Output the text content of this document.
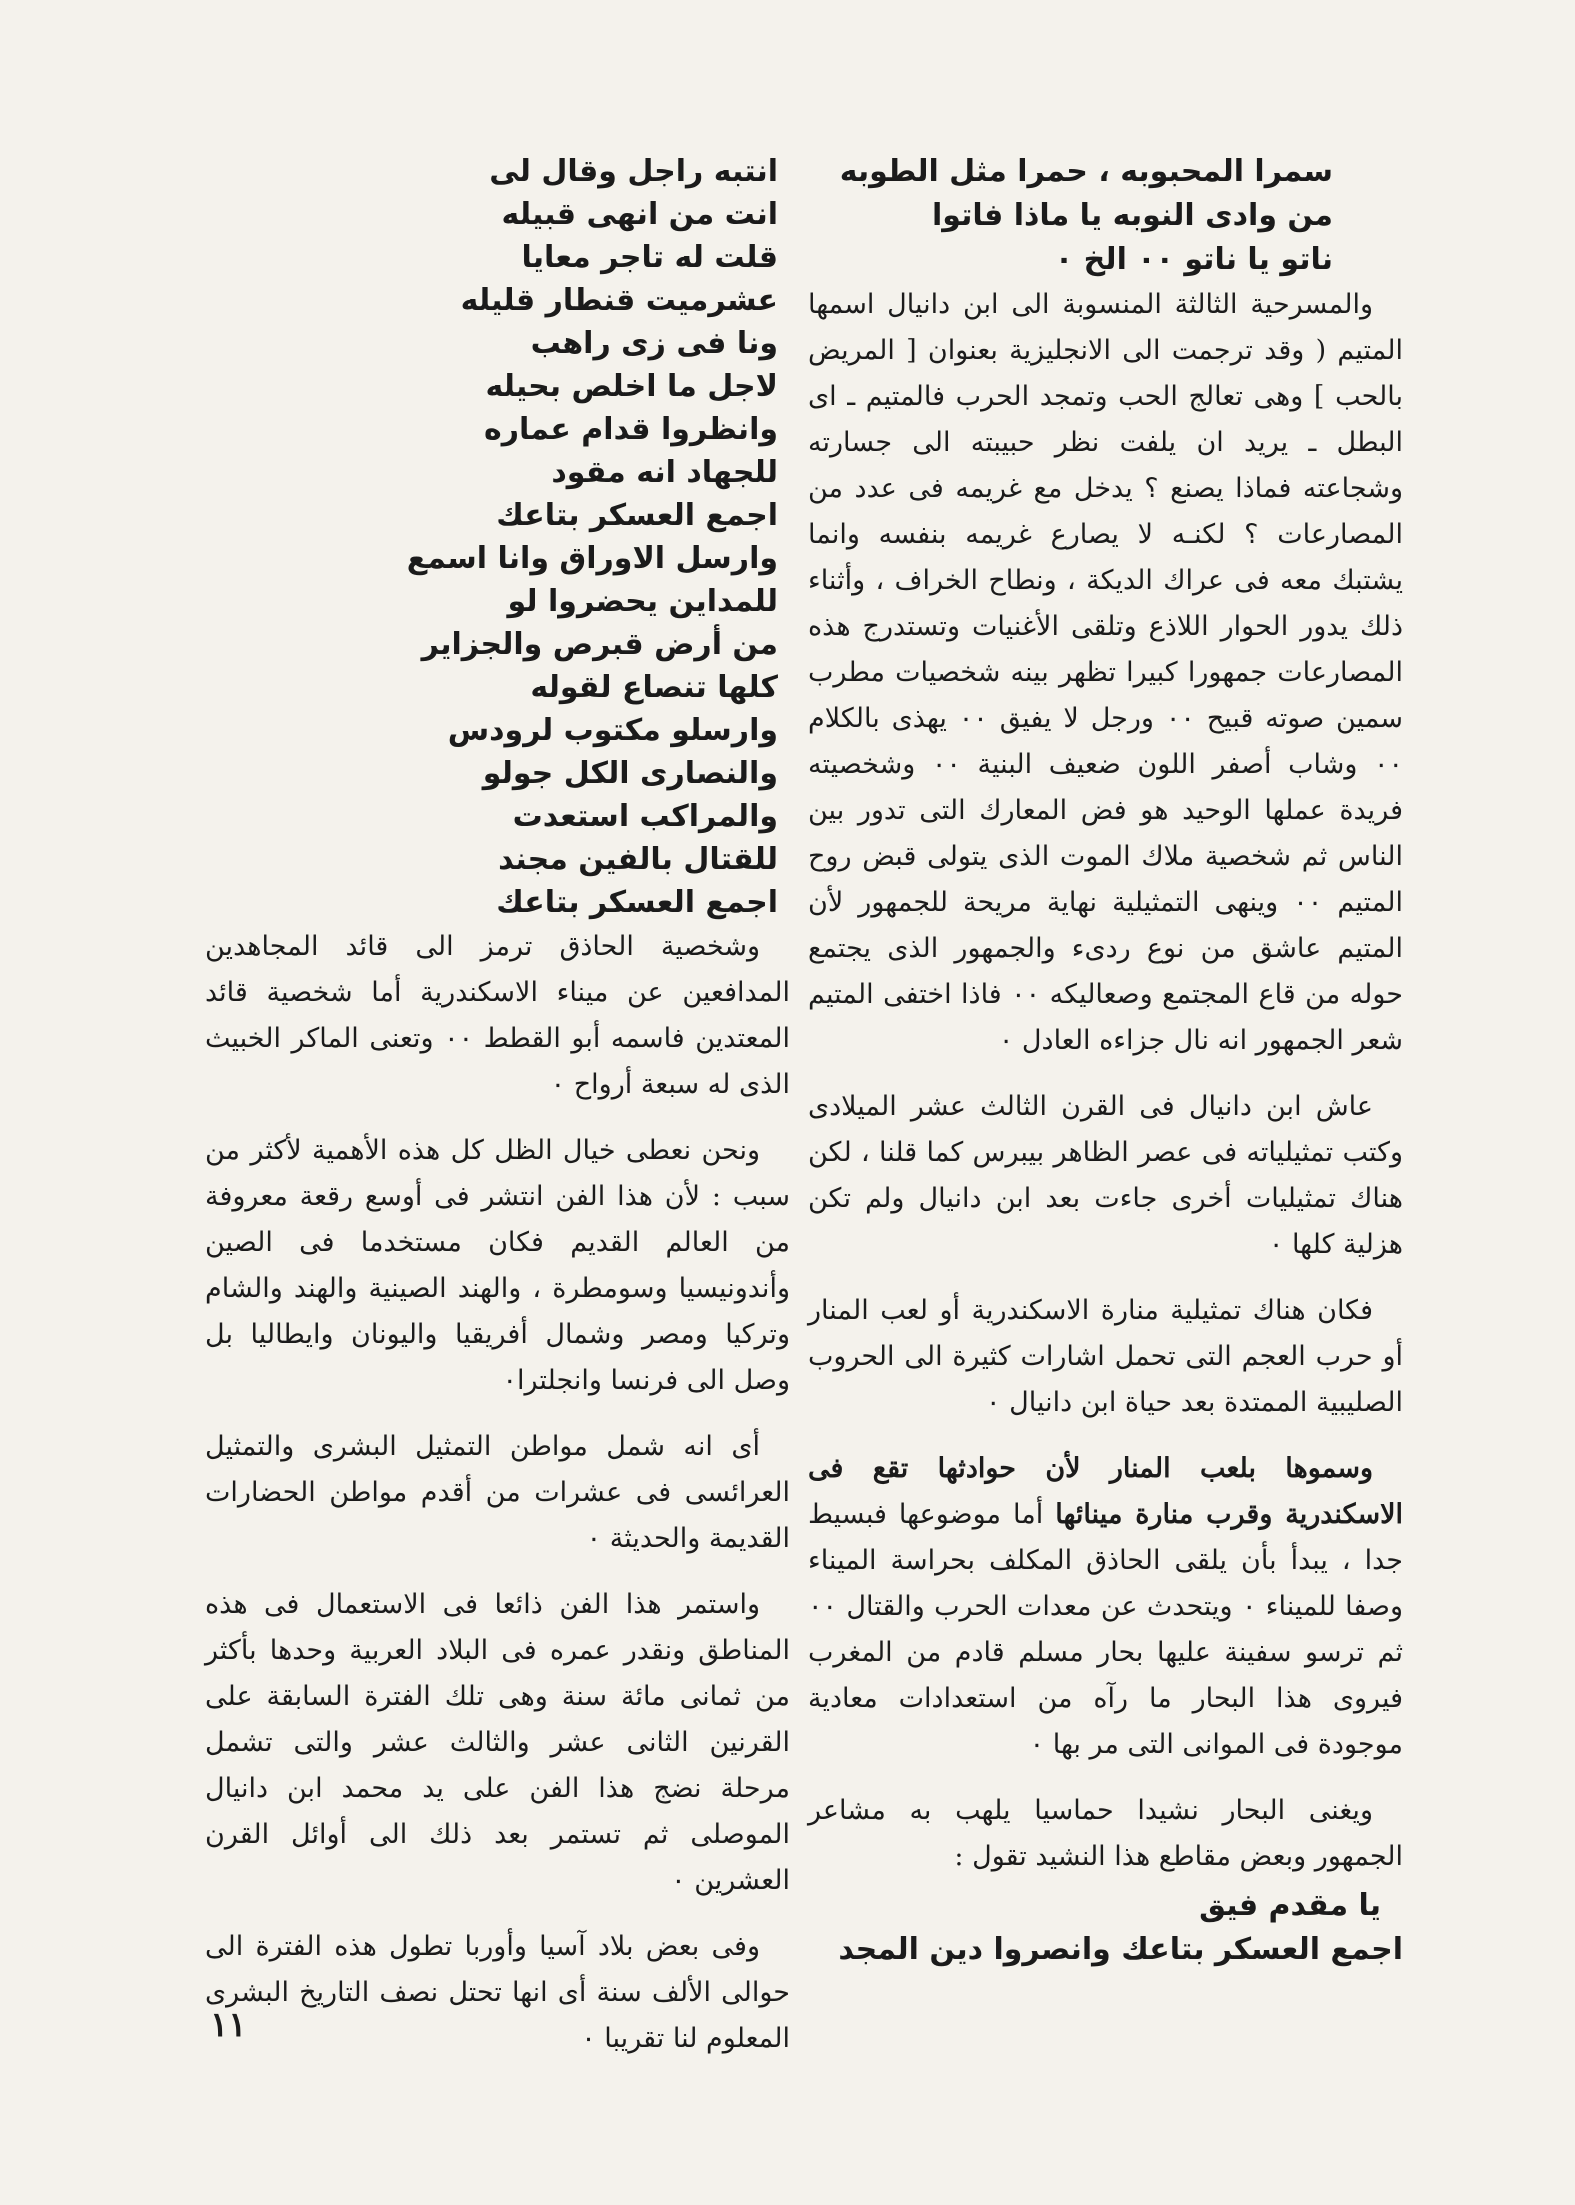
سمرا المحبوبه ، حمرا مثل الطوبه
من وادى النوبه يا ماذا فاتوا
ناتو يا ناتو ٠٠ الخ ٠

والمسرحية الثالثة المنسوبة الى ابن دانيال اسمها المتيم ( وقد ترجمت الى الانجليزية بعنوان [ المريض بالحب ] وهى تعالج الحب وتمجد الحرب فالمتيم ـ اى البطل ـ يريد ان يلفت نظر حبيبته الى جسارته وشجاعته فماذا يصنع ؟ يدخل مع غريمه فى عدد من المصارعات ؟ لكنـه لا يصارع غريمه بنفسه وانما يشتبك معه فى عراك الديكة ، ونطاح الخراف ، وأثناء ذلك يدور الحوار اللاذع وتلقى الأغنيات وتستدرج هذه المصارعات جمهورا كبيرا تظهر بينه شخصيات مطرب سمين صوته قبيح ٠٠ ورجل لا يفيق ٠٠ يهذى بالكلام ٠٠ وشاب أصفر اللون ضعيف البنية ٠٠ وشخصيته فريدة عملها الوحيد هو فض المعارك التى تدور بين الناس ثم شخصية ملاك الموت الذى يتولى قبض روح المتيم ٠٠ وينهى التمثيلية نهاية مريحة للجمهور لأن المتيم عاشق من نوع ردىء والجمهور الذى يجتمع حوله من قاع المجتمع وصعاليكه ٠٠ فاذا اختفى المتيم شعر الجمهور انه نال جزاءه العادل ٠

عاش ابن دانيال فى القرن الثالث عشر الميلادى وكتب تمثيلياته فى عصر الظاهر بيبرس كما قلنا ، لكن هناك تمثيليات أخرى جاءت بعد ابن دانيال ولم تكن هزلية كلها ٠

فكان هناك تمثيلية منارة الاسكندرية أو لعب المنار أو حرب العجم التى تحمل اشارات كثيرة الى الحروب الصليبية الممتدة بعد حياة ابن دانيال ٠

وسموها بلعب المنار لأن حوادثها تقع فى الاسكندرية وقرب منارة مينائها أما موضوعها فبسيط جدا ، يبدأ بأن يلقى الحاذق المكلف بحراسة الميناء وصفا للميناء ٠ ويتحدث عن معدات الحرب والقتال ٠٠ ثم ترسو سفينة عليها بحار مسلم قادم من المغرب فيروى هذا البحار ما رآه من استعدادات معادية موجودة فى الموانى التى مر بها ٠

ويغنى البحار نشيدا حماسيا يلهب به مشاعر الجمهور وبعض مقاطع هذا النشيد تقول :

يا مقدم فيق
اجمع العسكر بتاعك وانصروا دين المجد
انتبه راجل وقال لى
انت من انهى قبيله
قلت له تاجر معايا
عشرميت قنطار قليله
ونا فى زى راهب
لاجل ما اخلص بحيله
وانظروا قدام عماره
للجهاد انه مقود
اجمع العسكر بتاعك
وارسل الاوراق وانا اسمع
للمداين يحضروا لو
من أرض قبرص والجزاير
كلها تنصاع لقوله
وارسلو مكتوب لرودس
والنصارى الكل جولو
والمراكب استعدت
للقتال بالفين مجند
اجمع العسكر بتاعك

وشخصية الحاذق ترمز الى قائد المجاهدين المدافعين عن ميناء الاسكندرية أما شخصية قائد المعتدين فاسمه أبو القطط ٠٠ وتعنى الماكر الخبيث الذى له سبعة أرواح ٠

ونحن نعطى خيال الظل كل هذه الأهمية لأكثر من سبب : لأن هذا الفن انتشر فى أوسع رقعة معروفة من العالم القديم فكان مستخدما فى الصين وأندونيسيا وسومطرة ، والهند الصينية والهند والشام وتركيا ومصر وشمال أفريقيا واليونان وايطاليا بل وصل الى فرنسا وانجلترا٠

أى انه شمل مواطن التمثيل البشرى والتمثيل العرائسى فى عشرات من أقدم مواطن الحضارات القديمة والحديثة ٠

واستمر هذا الفن ذائعا فى الاستعمال فى هذه المناطق ونقدر عمره فى البلاد العربية وحدها بأكثر من ثمانى مائة سنة وهى تلك الفترة السابقة على القرنين الثانى عشر والثالث عشر والتى تشمل مرحلة نضج هذا الفن على يد محمد ابن دانيال الموصلى ثم تستمر بعد ذلك الى أوائل القرن العشرين ٠

وفى بعض بلاد آسيا وأوربا تطول هذه الفترة الى حوالى الألف سنة أى انها تحتل نصف التاريخ البشرى المعلوم لنا تقريبا ٠

١١
